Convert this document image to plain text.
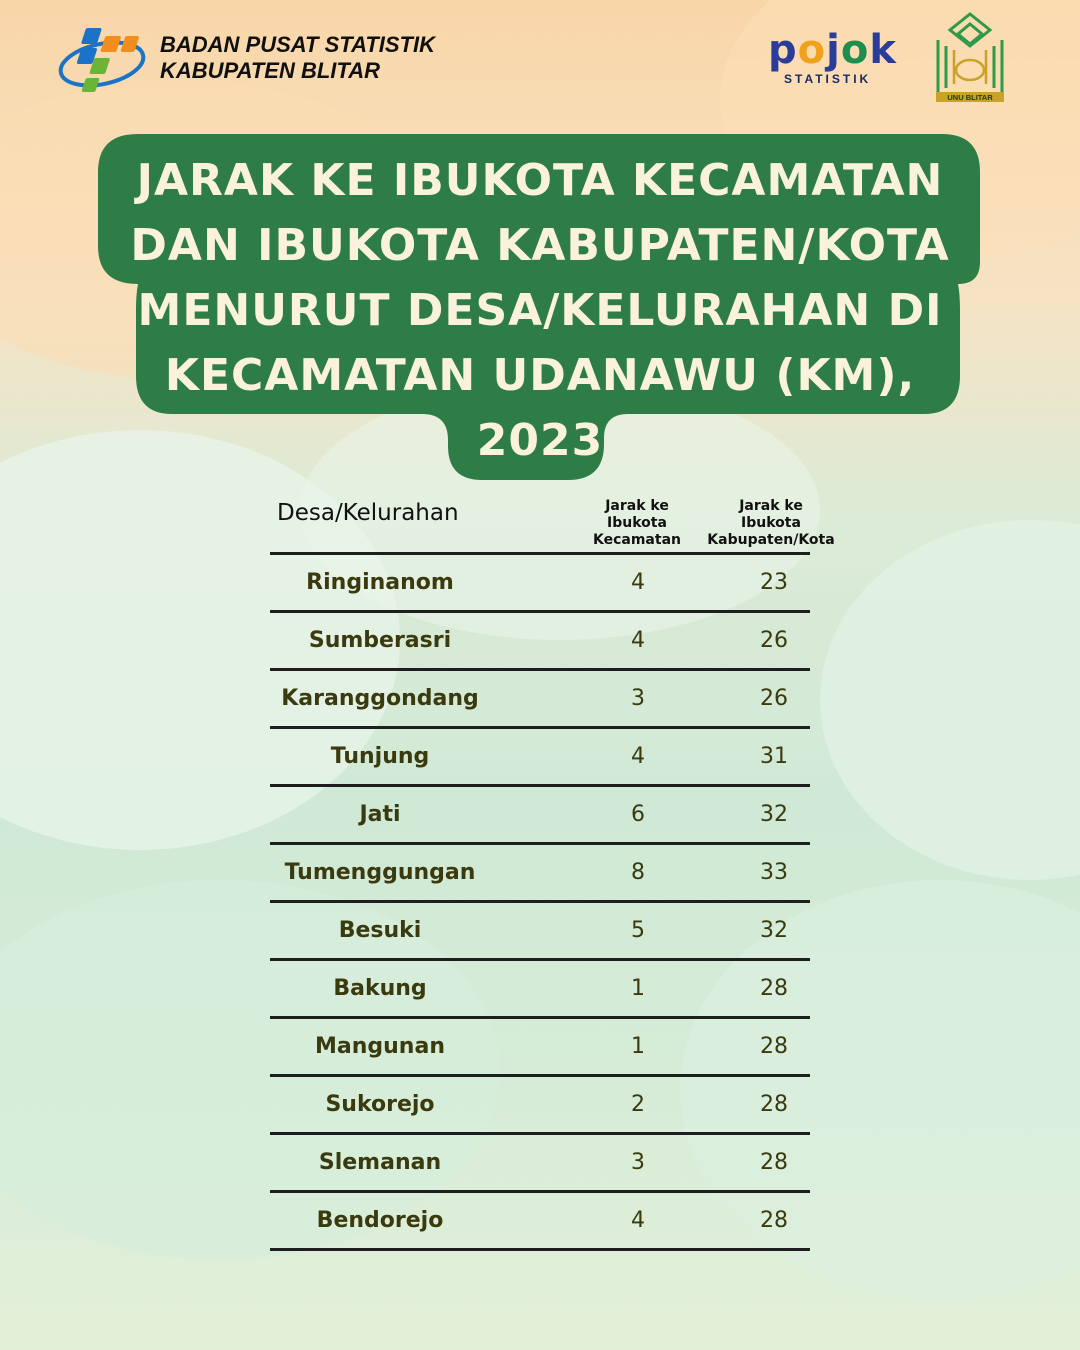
BADAN PUSAT STATISTIK
KABUPATEN BLITAR	pojok
STATISTIK
UNU BLITAR
JARAK KE IBUKOTA KECAMATAN
DAN IBUKOTA KABUPATEN/KOTA
MENURUT DESA/KELURAHAN DI
KECAMATAN UDANAWU (KM),
2023
Desa/Kelurahan	Jarak ke
Ibukota
Kecamatan
Jarak ke
Ibukota
Kabupaten/Kota
Ringinanom	4	23
Sumberasri	4	26
Karanggondang	3	26
Tunjung	4	31
Jati	6	32
Tumenggungan	8	33
Besuki	5	32
Bakung	1	28
Mangunan	1	28
Sukorejo	2	28
Slemanan	3	28
Bendorejo	4	28
